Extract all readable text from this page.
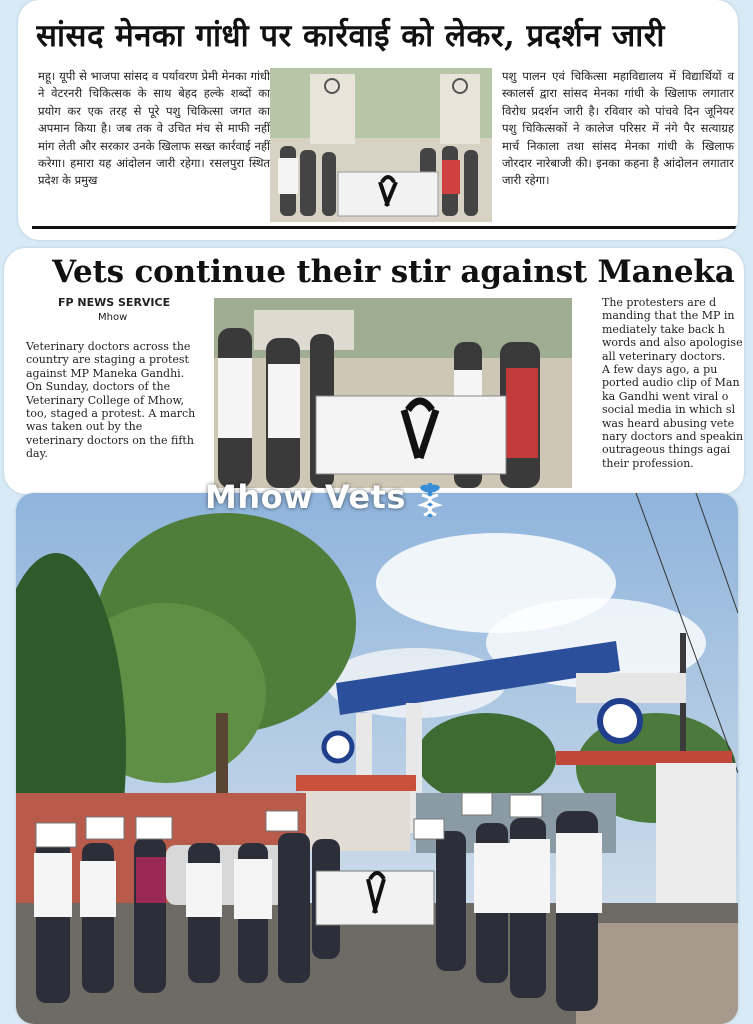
सांसद मेनका गांधी पर कार्रवाई को लेकर, प्रदर्शन जारी
महू। यूपी से भाजपा सांसद व पर्यावरण प्रेमी मेनका गांधी ने वेटरनरी चिकित्सक के साथ बेहद हल्के शब्दों का प्रयोग कर एक तरह से पूरे पशु चिकित्सा जगत का अपमान किया है। जब तक वे उचित मंच से माफी नहीं मांग लेती और सरकार उनके खिलाफ सख्त कार्रवाई नहीं करेगा। हमारा यह आंदोलन जारी रहेगा। रसलपुरा स्थित प्रदेश के प्रमुख
पशु पालन एवं चिकित्सा महाविद्यालय में विद्यार्थियों व स्कालर्स द्वारा सांसद मेनका गांधी के खिलाफ लगातार विरोध प्रदर्शन जारी है। रविवार को पांचवे दिन जूनियर पशु चिकित्सकों ने कालेज परिसर में नंगे पैर सत्याग्रह मार्च निकाला तथा सांसद मेनका गांधी के खिलाफ जोरदार नारेबाजी की। इनका कहना है आंदोलन लगातार जारी रहेगा।
Vets continue their stir against Maneka
FP NEWS SERVICE
Mhow
Veterinary doctors across the country are staging a protest against MP Maneka Gandhi. On Sunday, doctors of the Veterinary College of Mhow, too, staged a protest. A march was taken out by the veterinary doctors on the fifth day.
The protesters are d
manding that the MP in
mediately take back h
words and also apologise
all veterinary doctors.
A few days ago, a pu
ported audio clip of Man
ka Gandhi went viral o
social media in which sl
was heard abusing vete
nary doctors and speakin
outrageous things agai
their profession.
Mhow Vets
